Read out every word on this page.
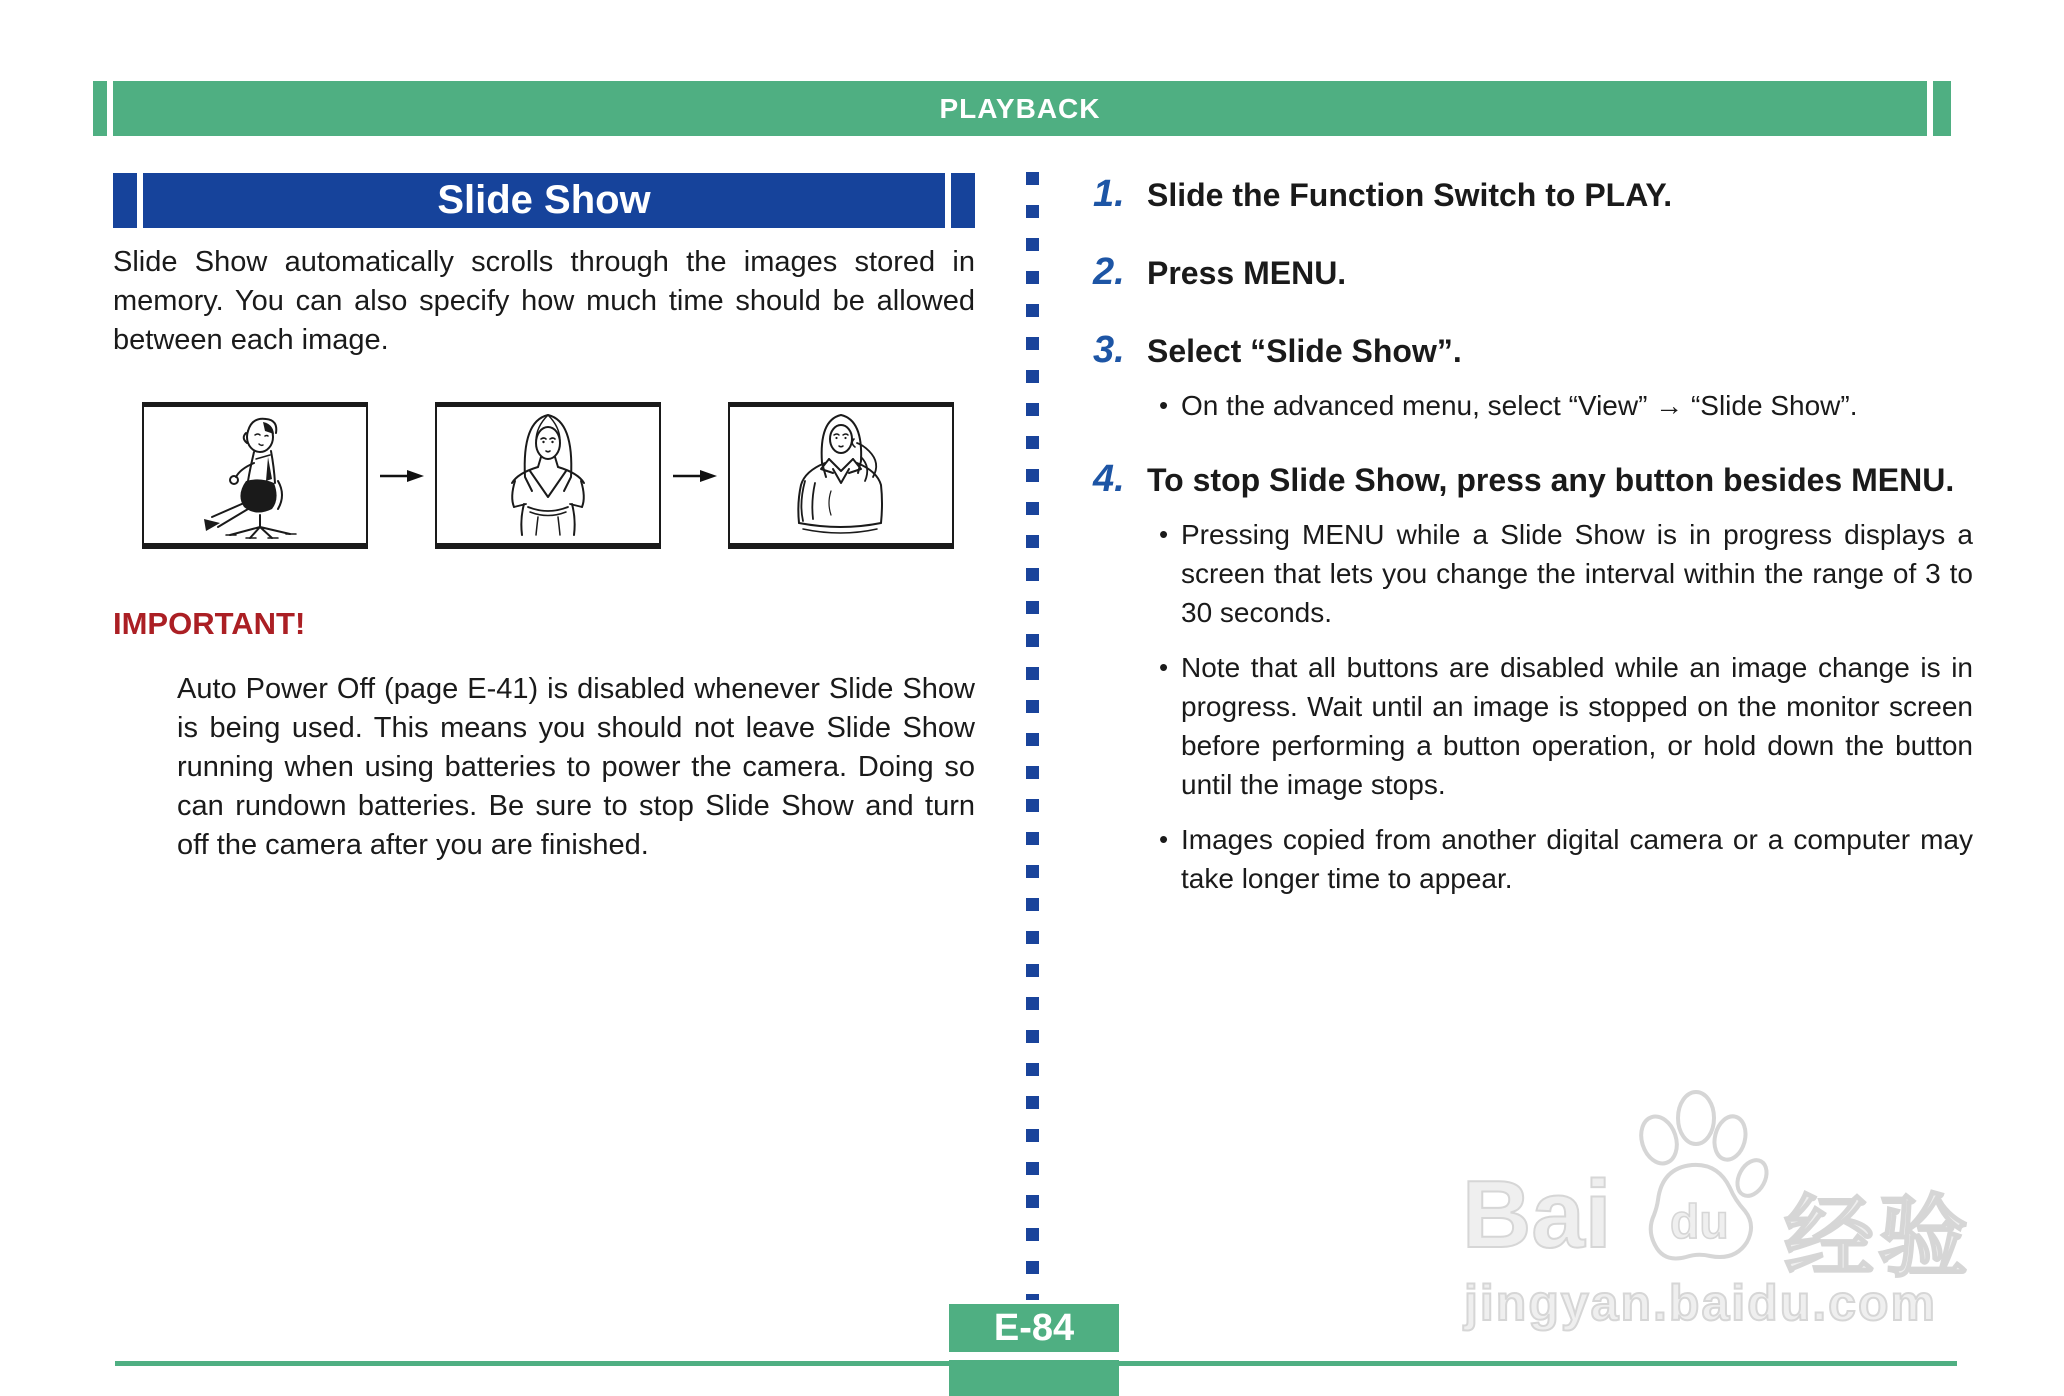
PLAYBACK
Slide Show

Slide Show automatically scrolls through the images stored in memory. You can also specify how much time should be allowed between each image.

IMPORTANT!

Auto Power Off (page E-41) is disabled whenever Slide Show is being used. This means you should not leave Slide Show running when using batteries to power the camera. Doing so can rundown batteries. Be sure to stop Slide Show and turn off the camera after you are finished.

1. Slide the Function Switch to PLAY.
2. Press MENU.
3. Select “Slide Show”.
• On the advanced menu, select “View” → “Slide Show”.
4. To stop Slide Show, press any button besides MENU.
• Pressing MENU while a Slide Show is in progress displays a screen that lets you change the interval within the range of 3 to 30 seconds.
• Note that all buttons are disabled while an image change is in progress. Wait until an image is stopped on the monitor screen before performing a button operation, or hold down the button until the image stops.
• Images copied from another digital camera or a computer may take longer time to appear.
Bai du 经验
jingyan.baidu.com
E-84
